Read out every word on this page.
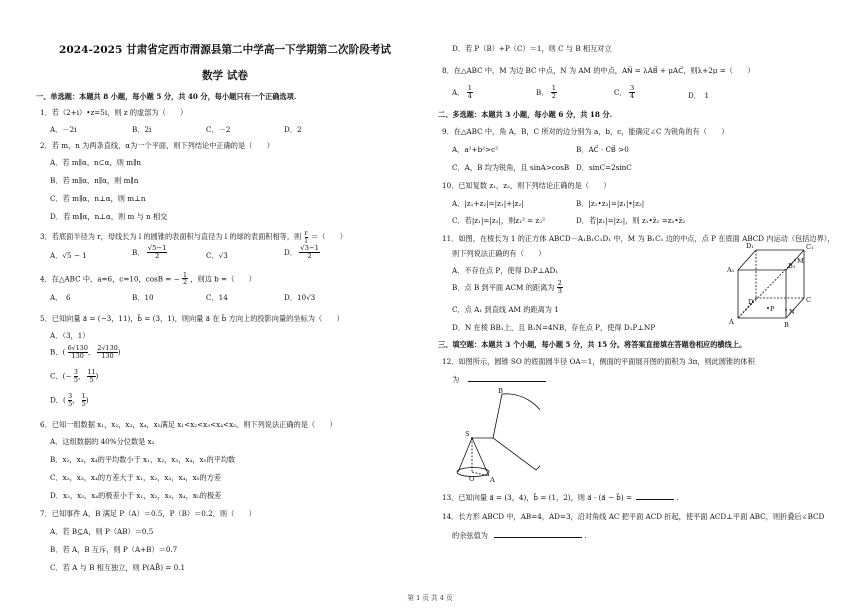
2024-2025 甘肃省定西市渭源县第二中学高一下学期第二次阶段考试
数学 试卷
一、单选题：本题共 8 小题，每小题 5 分，共 40 分，每小题只有一个正确选项.
1．若（2+i）•z=5i，则 z 的虚部为（　　）
A．－2i	B．2i	C．－2	D．2
2．若 m，n 为两条直线，α为一个平面，则下列结论中正确的是（　　）
A．若 m∥α，n⊂α，则 m∥n
B．若 m∥α，n∥α，则 m∥n
C．若 m∥α，n⊥α，则 m⊥n
D．若 m∥α，n⊥α，则 m 与 n 相交
3．若底面半径为 r，母线长为 l 的圆锥的表面积与直径为 l 的球的表面积相等，则 $\frac{r}{l}$ ＝（　　）
A．√5 − 1	B． $\frac{√5-1}{2}$	C．√3	D． $\frac{√3-1}{2}$
4．在△ABC 中，a=6，c=10，cosB = − $\frac{1}{2}$ ，则边 b =（　　）
A．　6	B．10	C．14	D．10√3
5．已知向量 a⃗ = (−3，11)，b⃗ = (3，1)，则向量 a⃗ 在 b⃗ 方向上的投影向量的坐标为（　　）
A．（3，1）
B．( $\frac{6√130}{130}$ ， $\frac{2√130}{130}$ )
C．(− $\frac{3}{5}$ ， $\frac{11}{5}$ )
D．( $\frac{3}{5}$ ， $\frac{1}{5}$ )
6．已知一组数据 x₁，x₂，x₃，x₄，x₅满足 x₁<x₂<x₃<x₄<x₅，则下列说法正确的是（　　）
A．这组数据的 40%分位数是 x₂
B．x₂，x₃，x₄的平均数小于 x₁，x₂，x₃，x₄，x₅的平均数
C．x₂，x₃，x₄的方差大于 x₁，x₂，x₃，x₄，x₅的方差
D．x₂，x₃，x₄的极差小于 x₁，x₂，x₃，x₄，x₅的极差
7．已知事件 A，B 满足 P（A）＝0.5，P（B）＝0.2，则（　　）
A．若 B⊆A，则 P（AB）＝0.5
B．若 A，B 互斥，则 P（A+B）＝0.7
C．若 A 与 B 相互独立，则 P(AB̄) = 0.1
D．若 P（B）+P（C）＝1，则 C 与 B 相互对立
8．在△ABC 中，M 为边 BC 中点，N 为 AM 的中点，AN⃗ = λAB⃗ + μAC⃗，则λ+2μ =（　　）
A． $\frac{1}{4}$	B． $\frac{1}{2}$	C． $\frac{3}{4}$	D．　1
二、多选题：本题共 3 小题，每小题 6 分，共 18 分.
9．在△ABC 中，角 A，B，C 所对的边分别为 a，b，c，能确定∠C 为锐角的有（　　）
A．a²+b²>c²	B．AC⃗ · CB⃗ >0
C．A，B 均为锐角，且 sinA>cosB D．sinC=2sinC
10．已知复数 z₁，z₂，则下列结论正确的是（　　）
A．|z₁+z₂|=|z₁|+|z₂|	B．|z₁•z₂|=|z₁|•|z₂|
C．若|z₁|=|z₂|，则z₁² = z₂²	D．若|z₁|=|z₂|，则 z₁•z̄₁ =z₂•z̄₂
11．如图，在棱长为 1 的正方体 ABCD－A₁B₁C₁D₁ 中，M 为 B₁C₁ 边的中点，点 P 在底面 ABCD 内运动（包括边界），
则下列说法正确的有（　　）
A．不存在点 P，使得 D₁P⊥AD₁
B．点 B 到平面 ACM 的距离为 $\frac{2}{3}$
C．点 A₁ 到直线 AM 的距离为 1
D．N 在棱 BB₁上，且 B₁N=4NB，存在点 P，使得 D₁P⊥NP
A₁	B₁
C₁
D₁
M
A	B
C
D
N
P
三、填空题：本题共 3 个小题，每小题 5 分，共 15 分。将答案直接填在答题卷相应的横线上。
12．如图所示，圆锥 SO 的底面圆半径 OA＝1，侧面的平面展开图的面积为 3π，则此圆锥的体积
为
B
S
O A
13．已知向量 a⃗ = (3，4)，b⃗ = (1，2)，则 a⃗ · (a⃗ − b⃗) =	.
14．长方形 ABCD 中，AB=4，AD=3，沿对角线 AC 把平面 ACD 折起，使平面 ACD⊥平面 ABC，则折叠后∠BCD
的余弦值为	.
第 1 页 共 4 页
